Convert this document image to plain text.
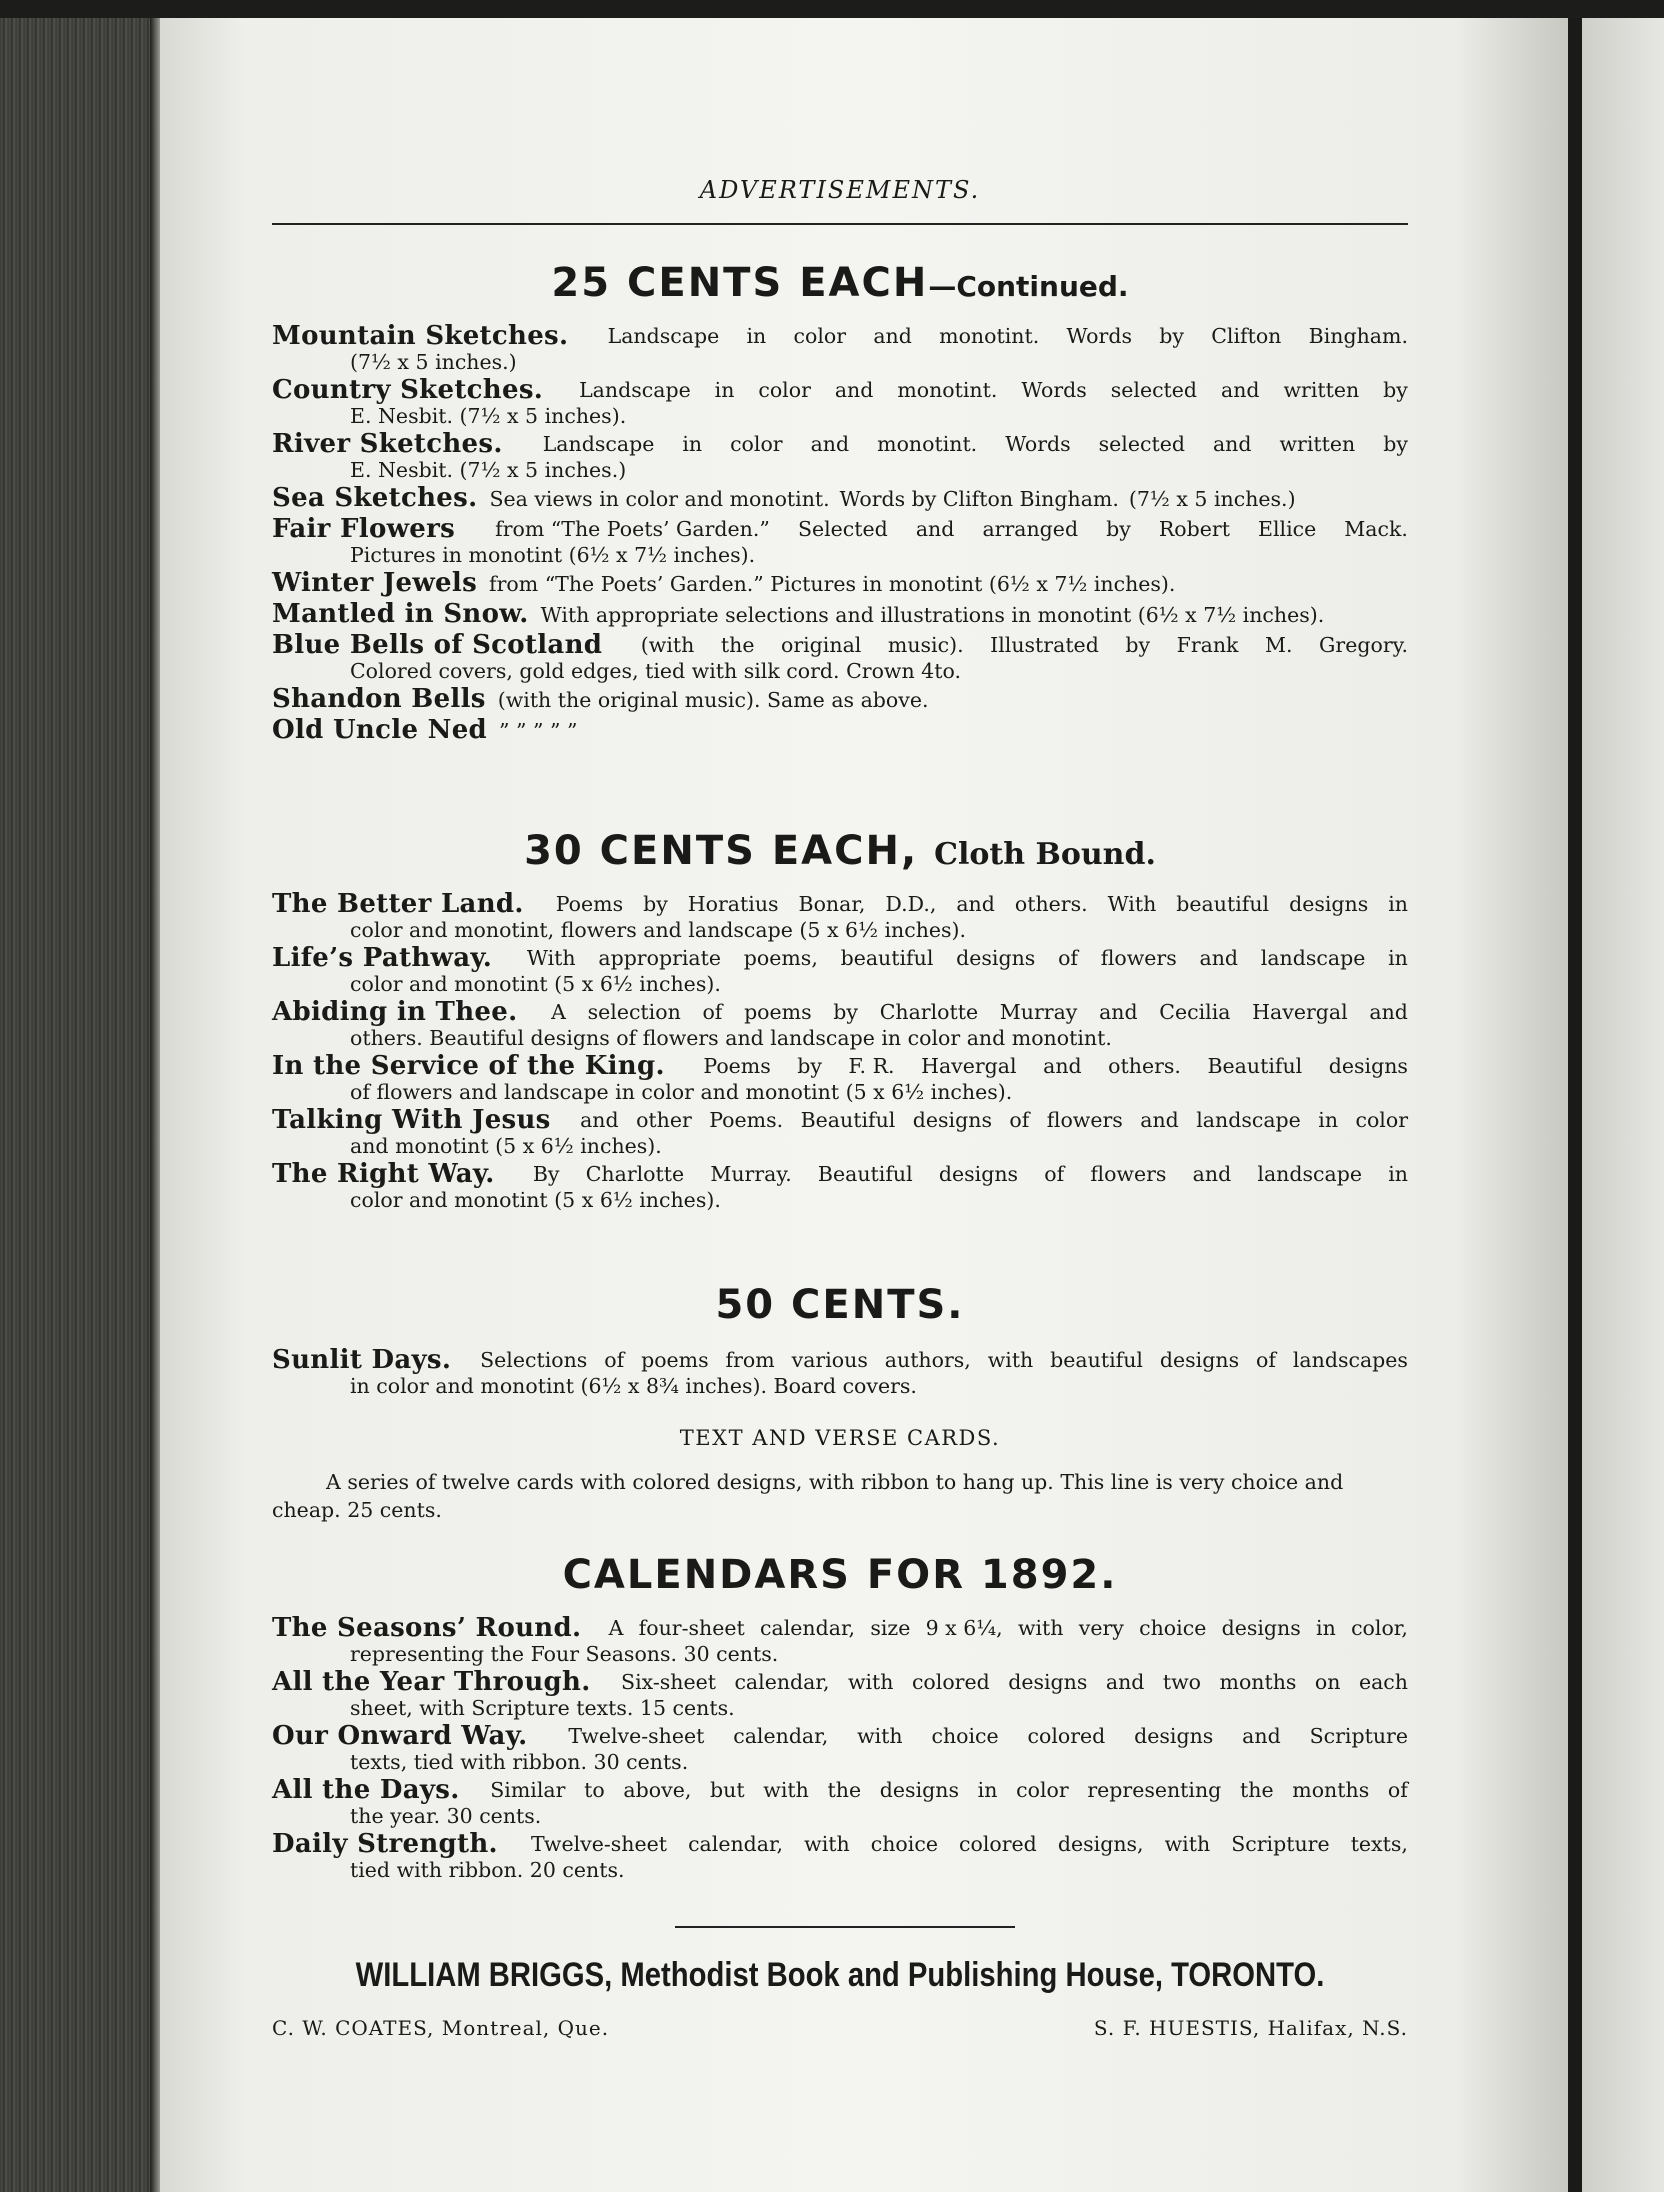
ADVERTISEMENTS.
25 CENTS EACH—Continued.
Mountain Sketches. Landscape in color and monotint. Words by Clifton Bingham.
(7½ x 5 inches.)
Country Sketches. Landscape in color and monotint. Words selected and written by
E. Nesbit. (7½ x 5 inches).
River Sketches. Landscape in color and monotint. Words selected and written by
E. Nesbit. (7½ x 5 inches.)
Sea Sketches. Sea views in color and monotint. Words by Clifton Bingham. (7½ x 5 inches.)
Fair Flowers from “The Poets’ Garden.” Selected and arranged by Robert Ellice Mack.
Pictures in monotint (6½ x 7½ inches).
Winter Jewels from “The Poets’ Garden.” Pictures in monotint (6½ x 7½ inches).
Mantled in Snow. With appropriate selections and illustrations in monotint (6½ x 7½ inches).
Blue Bells of Scotland (with the original music). Illustrated by Frank M. Gregory.
Colored covers, gold edges, tied with silk cord. Crown 4to.
Shandon Bells (with the original music). Same as above.
Old Uncle Ned ” ” ” ” ”
30 CENTS EACH, Cloth Bound.
The Better Land. Poems by Horatius Bonar, D.D., and others. With beautiful designs in
color and monotint, flowers and landscape (5 x 6½ inches).
Life’s Pathway. With appropriate poems, beautiful designs of flowers and landscape in
color and monotint (5 x 6½ inches).
Abiding in Thee. A selection of poems by Charlotte Murray and Cecilia Havergal and
others. Beautiful designs of flowers and landscape in color and monotint.
In the Service of the King. Poems by F. R. Havergal and others. Beautiful designs
of flowers and landscape in color and monotint (5 x 6½ inches).
Talking With Jesus and other Poems. Beautiful designs of flowers and landscape in color
and monotint (5 x 6½ inches).
The Right Way. By Charlotte Murray. Beautiful designs of flowers and landscape in
color and monotint (5 x 6½ inches).
50 CENTS.
Sunlit Days. Selections of poems from various authors, with beautiful designs of landscapes
in color and monotint (6½ x 8¾ inches). Board covers.
TEXT AND VERSE CARDS.
A series of twelve cards with colored designs, with ribbon to hang up. This line is very choice and cheap. 25 cents.
CALENDARS FOR 1892.
The Seasons’ Round. A four-sheet calendar, size 9 x 6¼, with very choice designs in color,
representing the Four Seasons. 30 cents.
All the Year Through. Six-sheet calendar, with colored designs and two months on each
sheet, with Scripture texts. 15 cents.
Our Onward Way. Twelve-sheet calendar, with choice colored designs and Scripture
texts, tied with ribbon. 30 cents.
All the Days. Similar to above, but with the designs in color representing the months of
the year. 30 cents.
Daily Strength. Twelve-sheet calendar, with choice colored designs, with Scripture texts,
tied with ribbon. 20 cents.
WILLIAM BRIGGS, Methodist Book and Publishing House, TORONTO.
C. W. COATES, Montreal, Que.	S. F. HUESTIS, Halifax, N.S.
